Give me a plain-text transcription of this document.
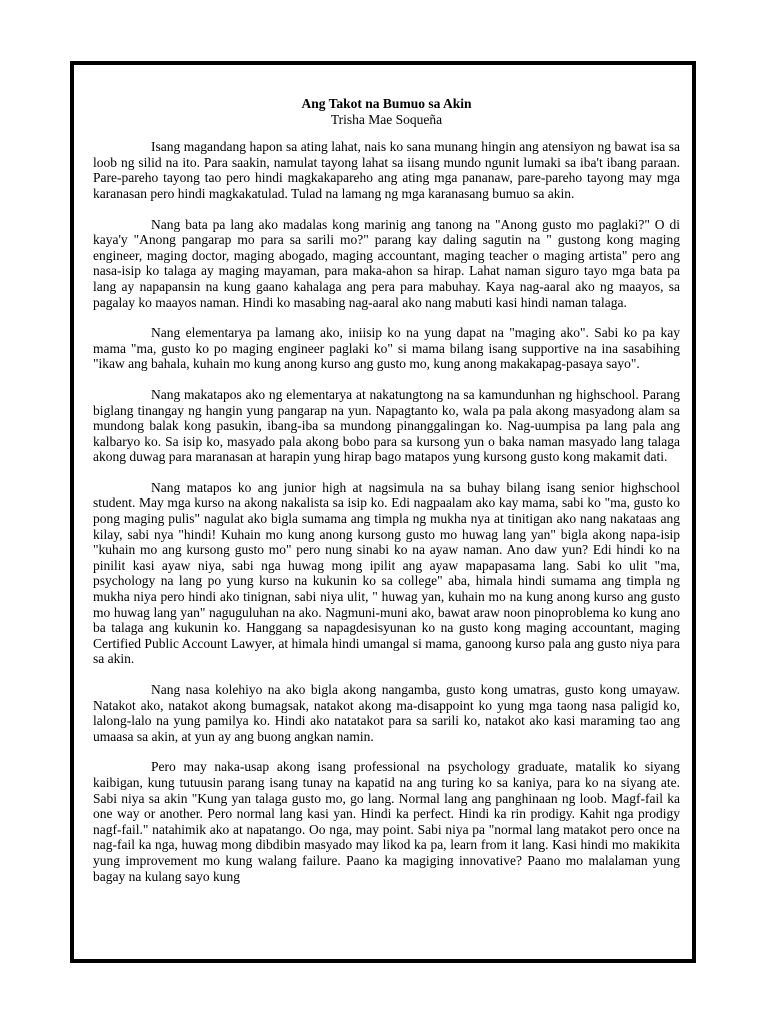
Ang Takot na Bumuo sa Akin

Trisha Mae Soqueña

Isang magandang hapon sa ating lahat, nais ko sana munang hingin ang atensiyon ng bawat isa sa loob ng silid na ito. Para saakin, namulat tayong lahat sa iisang mundo ngunit lumaki sa iba't ibang paraan. Pare-pareho tayong tao pero hindi magkakapareho ang ating mga pananaw, pare-pareho tayong may mga karanasan pero hindi magkakatulad. Tulad na lamang ng mga karanasang bumuo sa akin.

Nang bata pa lang ako madalas kong marinig ang tanong na "Anong gusto mo paglaki?" O di kaya'y "Anong pangarap mo para sa sarili mo?" parang kay daling sagutin na " gustong kong maging engineer, maging doctor, maging abogado, maging accountant, maging teacher o maging artista" pero ang nasa-isip ko talaga ay maging mayaman, para maka-ahon sa hirap. Lahat naman siguro tayo mga bata pa lang ay napapansin na kung gaano kahalaga ang pera para mabuhay. Kaya nag-aaral ako ng maayos, sa pagalay ko maayos naman. Hindi ko masabing nag-aaral ako nang mabuti kasi hindi naman talaga.

Nang elementarya pa lamang ako, iniisip ko na yung dapat na "maging ako". Sabi ko pa kay mama "ma, gusto ko po maging engineer paglaki ko" si mama bilang isang supportive na ina sasabihing "ikaw ang bahala, kuhain mo kung anong kurso ang gusto mo, kung anong makakapag-pasaya sayo".

Nang makatapos ako ng elementarya at nakatungtong na sa kamundunhan ng highschool. Parang biglang tinangay ng hangin yung pangarap na yun. Napagtanto ko, wala pa pala akong masyadong alam sa mundong balak kong pasukin, ibang-iba sa mundong pinanggalingan ko. Nag-uumpisa pa lang pala ang kalbaryo ko. Sa isip ko, masyado pala akong bobo para sa kursong yun o baka naman masyado lang talaga akong duwag para maranasan at harapin yung hirap bago matapos yung kursong gusto kong makamit dati.

Nang matapos ko ang junior high at nagsimula na sa buhay bilang isang senior highschool student. May mga kurso na akong nakalista sa isip ko. Edi nagpaalam ako kay mama, sabi ko "ma, gusto ko pong maging pulis" nagulat ako bigla sumama ang timpla ng mukha nya at tinitigan ako nang nakataas ang kilay, sabi nya "hindi! Kuhain mo kung anong kursong gusto mo huwag lang yan" bigla akong napa-isip "kuhain mo ang kursong gusto mo" pero nung sinabi ko na ayaw naman. Ano daw yun? Edi hindi ko na pinilit kasi ayaw niya, sabi nga huwag mong ipilit ang ayaw mapapasama lang. Sabi ko ulit "ma, psychology na lang po yung kurso na kukunin ko sa college" aba, himala hindi sumama ang timpla ng mukha niya pero hindi ako tinignan, sabi niya ulit, " huwag yan, kuhain mo na kung anong kurso ang gusto mo huwag lang yan" naguguluhan na ako. Nagmuni-muni ako, bawat araw noon pinoproblema ko kung ano ba talaga ang kukunin ko. Hanggang sa napagdesisyunan ko na gusto kong maging accountant, maging Certified Public Account Lawyer, at himala hindi umangal si mama, ganoong kurso pala ang gusto niya para sa akin.

Nang nasa kolehiyo na ako bigla akong nangamba, gusto kong umatras, gusto kong umayaw. Natakot ako, natakot akong bumagsak, natakot akong ma-disappoint ko yung mga taong nasa paligid ko, lalong-lalo na yung pamilya ko. Hindi ako natatakot para sa sarili ko, natakot ako kasi maraming tao ang umaasa sa akin, at yun ay ang buong angkan namin.

Pero may naka-usap akong isang professional na psychology graduate, matalik ko siyang kaibigan, kung tutuusin parang isang tunay na kapatid na ang turing ko sa kaniya, para ko na siyang ate. Sabi niya sa akin "Kung yan talaga gusto mo, go lang. Normal lang ang panghinaan ng loob. Magf-fail ka one way or another. Pero normal lang kasi yan. Hindi ka perfect. Hindi ka rin prodigy. Kahit nga prodigy nagf-fail." natahimik ako at napatango. Oo nga, may point. Sabi niya pa "normal lang matakot pero once na nag-fail ka nga, huwag mong dibdibin masyado may likod ka pa, learn from it lang. Kasi hindi mo makikita yung improvement mo kung walang failure. Paano ka magiging innovative? Paano mo malalaman yung bagay na kulang sayo kung
